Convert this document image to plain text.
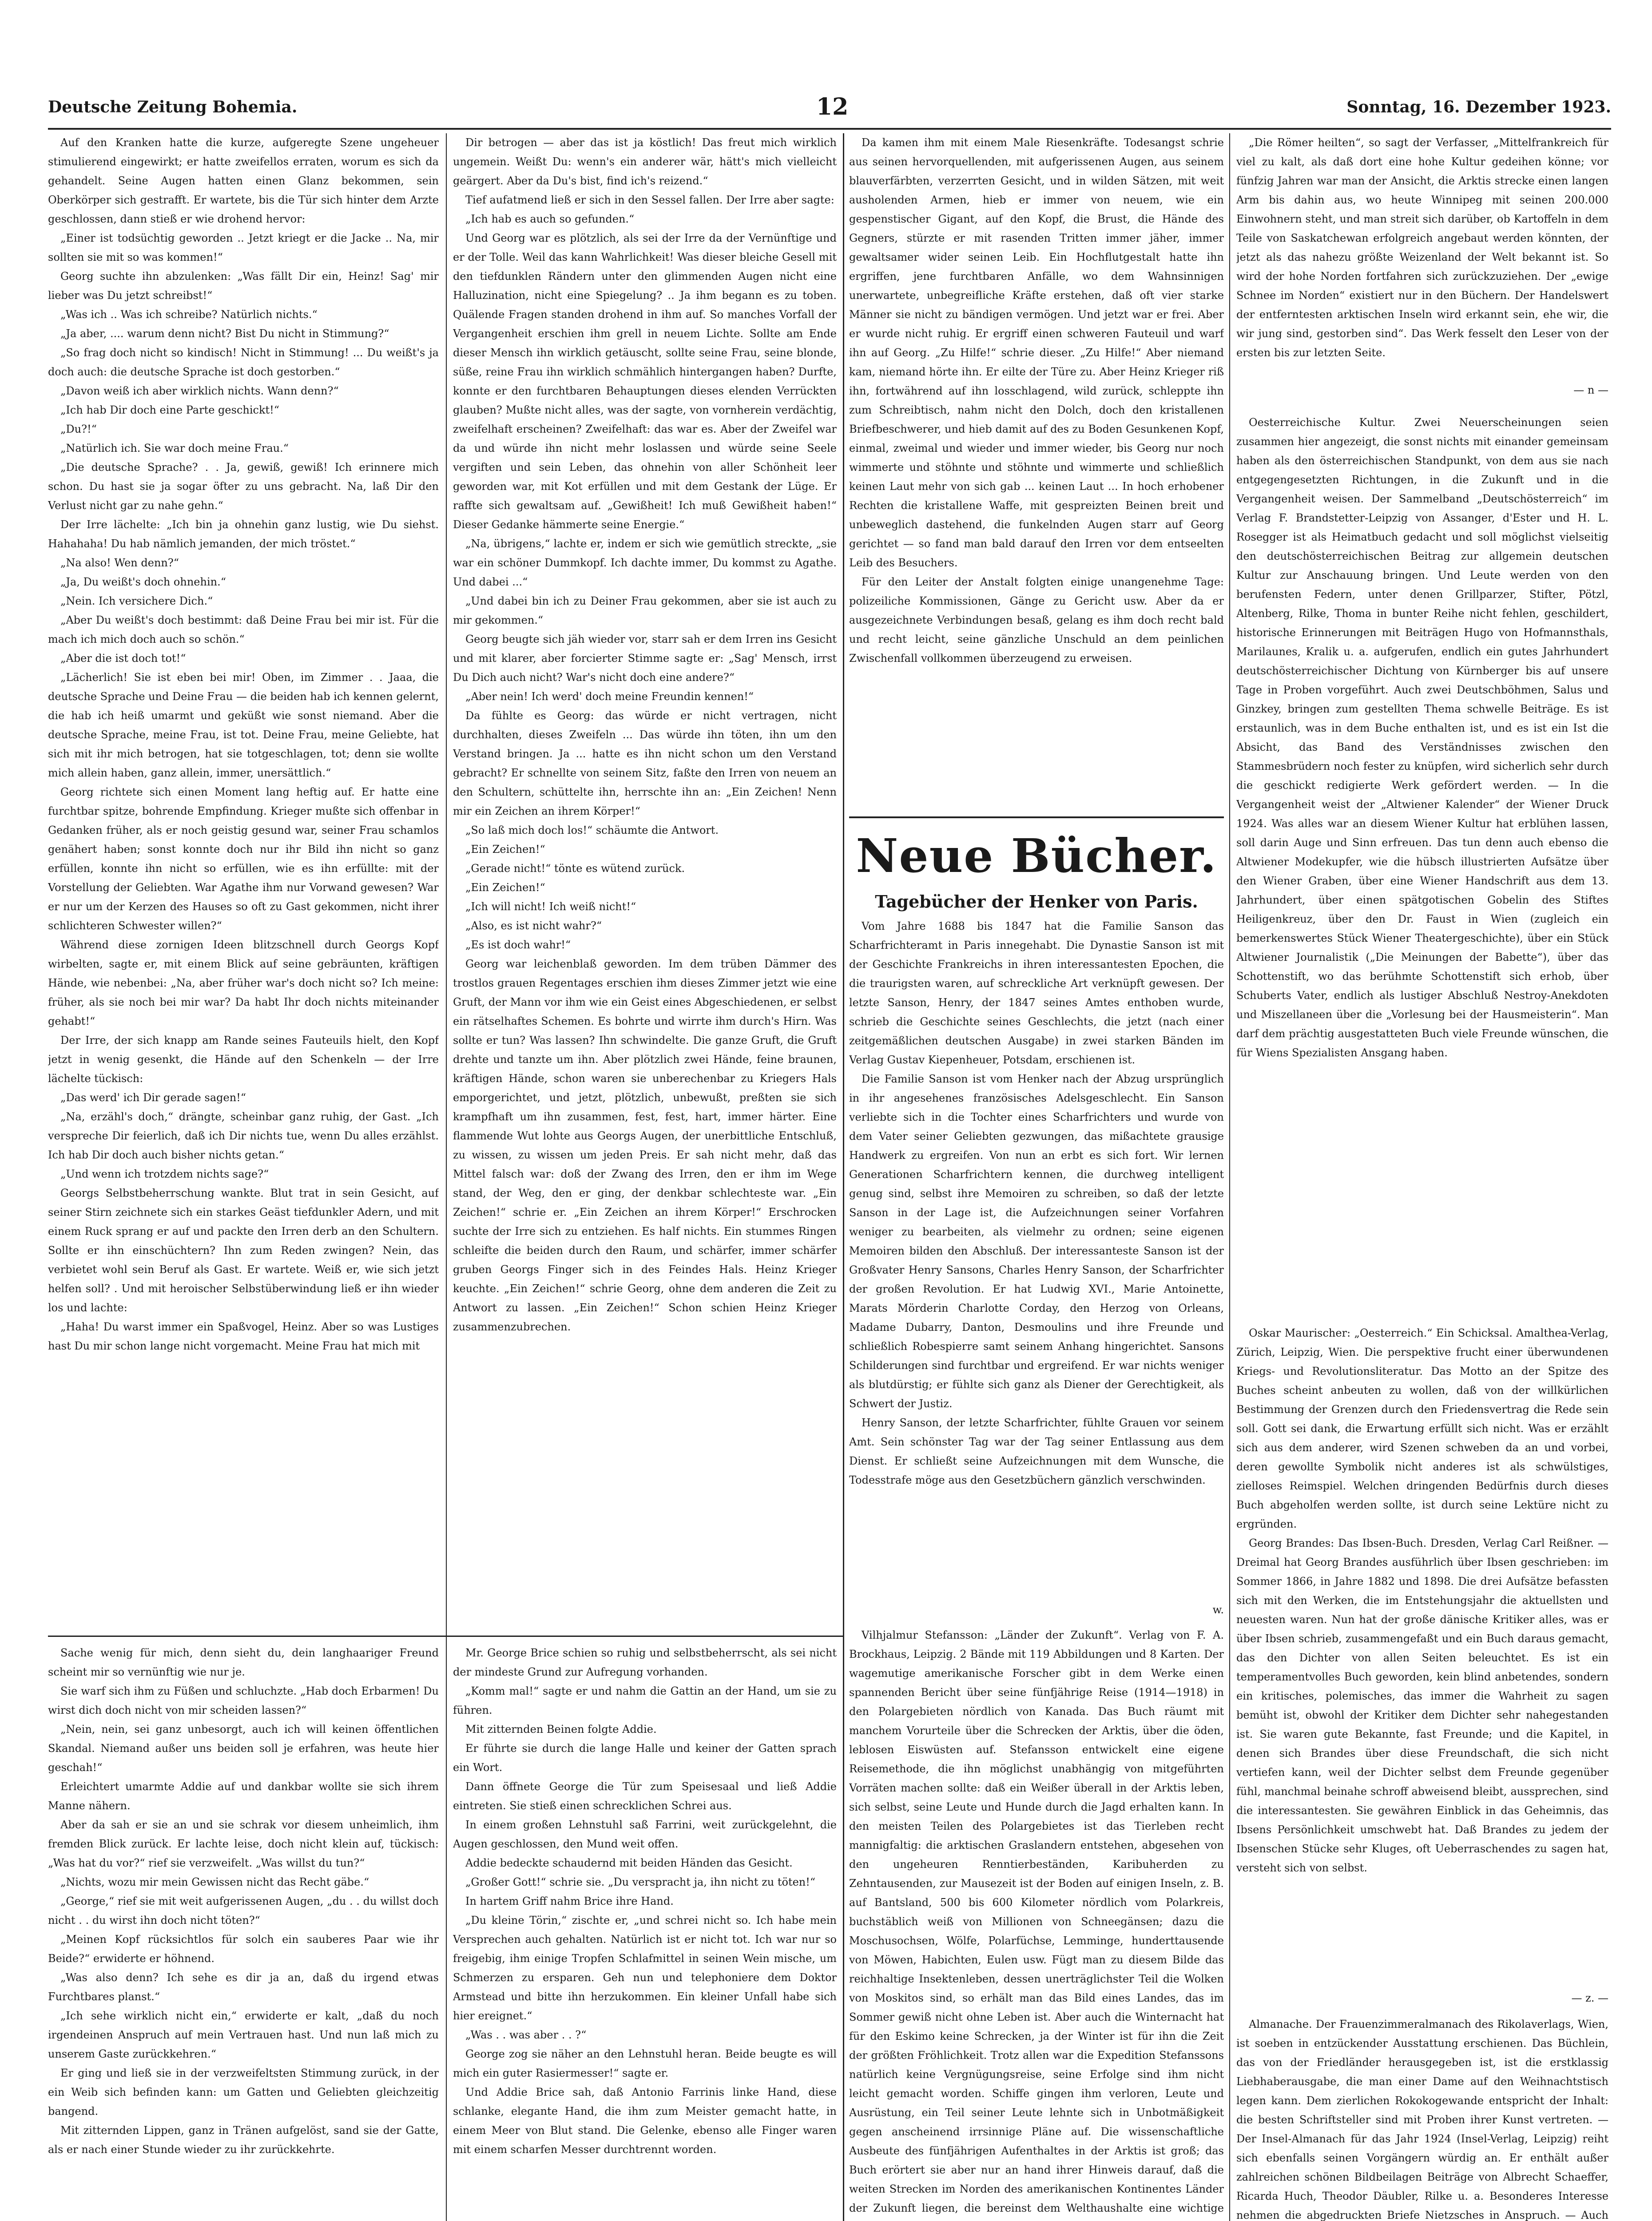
Deutsche Zeitung Bohemia.	12	Sonntag, 16. Dezember 1923.

Auf den Kranken hatte die kurze, aufgeregte Szene ungeheuer stimulierend eingewirkt; er hatte zweifellos erraten, worum es sich da gehandelt. Seine Augen hatten einen Glanz bekommen, sein Oberkörper sich gestrafft. Er wartete, bis die Tür sich hinter dem Arzte geschlossen, dann stieß er wie drohend hervor:

„Einer ist todsüchtig geworden .. Jetzt kriegt er die Jacke .. Na, mir sollten sie mit so was kommen!“

Georg suchte ihn abzulenken: „Was fällt Dir ein, Heinz! Sag' mir lieber was Du jetzt schreibst!“

„Was ich .. Was ich schreibe? Natürlich nichts.“

„Ja aber, .... warum denn nicht? Bist Du nicht in Stimmung?“

„So frag doch nicht so kindisch! Nicht in Stimmung! ... Du weißt's ja doch auch: die deutsche Sprache ist doch gestorben.“

„Davon weiß ich aber wirklich nichts. Wann denn?“

„Ich hab Dir doch eine Parte geschickt!“

„Du?!“

„Natürlich ich. Sie war doch meine Frau.“

„Die deutsche Sprache? . . Ja, gewiß, gewiß! Ich erinnere mich schon. Du hast sie ja sogar öfter zu uns gebracht. Na, laß Dir den Verlust nicht gar zu nahe gehn.“

Der Irre lächelte: „Ich bin ja ohnehin ganz lustig, wie Du siehst. Hahahaha! Du hab nämlich jemanden, der mich tröstet.“

„Na also! Wen denn?“

„Ja, Du weißt's doch ohnehin.“

„Nein. Ich versichere Dich.“

„Aber Du weißt's doch bestimmt: daß Deine Frau bei mir ist. Für die mach ich mich doch auch so schön.“

„Aber die ist doch tot!“

„Lächerlich! Sie ist eben bei mir! Oben, im Zimmer . . Jaaa, die deutsche Sprache und Deine Frau — die beiden hab ich kennen gelernt, die hab ich heiß umarmt und geküßt wie sonst niemand. Aber die deutsche Sprache, meine Frau, ist tot. Deine Frau, meine Geliebte, hat sich mit ihr mich betrogen, hat sie totgeschlagen, tot; denn sie wollte mich allein haben, ganz allein, immer, unersättlich.“

Georg richtete sich einen Moment lang heftig auf. Er hatte eine furchtbar spitze, bohrende Empfindung. Krieger mußte sich offenbar in Gedanken früher, als er noch geistig gesund war, seiner Frau schamlos genähert haben; sonst konnte doch nur ihr Bild ihn nicht so ganz erfüllen, konnte ihn nicht so erfüllen, wie es ihn erfüllte: mit der Vorstellung der Geliebten. War Agathe ihm nur Vorwand gewesen? War er nur um der Kerzen des Hauses so oft zu Gast gekommen, nicht ihrer schlichteren Schwester willen?“

Während diese zornigen Ideen blitzschnell durch Georgs Kopf wirbelten, sagte er, mit einem Blick auf seine gebräunten, kräftigen Hände, wie nebenbei: „Na, aber früher war's doch nicht so? Ich meine: früher, als sie noch bei mir war? Da habt Ihr doch nichts miteinander gehabt!“

Der Irre, der sich knapp am Rande seines Fauteuils hielt, den Kopf jetzt in wenig gesenkt, die Hände auf den Schenkeln — der Irre lächelte tückisch:

„Das werd' ich Dir gerade sagen!“

„Na, erzähl's doch,“ drängte, scheinbar ganz ruhig, der Gast. „Ich verspreche Dir feierlich, daß ich Dir nichts tue, wenn Du alles erzählst. Ich hab Dir doch auch bisher nichts getan.“

„Und wenn ich trotzdem nichts sage?“

Georgs Selbstbeherrschung wankte. Blut trat in sein Gesicht, auf seiner Stirn zeichnete sich ein starkes Geäst tiefdunkler Adern, und mit einem Ruck sprang er auf und packte den Irren derb an den Schultern. Sollte er ihn einschüchtern? Ihn zum Reden zwingen? Nein, das verbietet wohl sein Beruf als Gast. Er wartete. Weiß er, wie sich jetzt helfen soll? . Und mit heroischer Selbstüberwindung ließ er ihn wieder los und lachte:

„Haha! Du warst immer ein Spaßvogel, Heinz. Aber so was Lustiges hast Du mir schon lange nicht vorgemacht. Meine Frau hat mich mit

Dir betrogen — aber das ist ja köstlich! Das freut mich wirklich ungemein. Weißt Du: wenn's ein anderer wär, hätt's mich vielleicht geärgert. Aber da Du's bist, find ich's reizend.“

Tief aufatmend ließ er sich in den Sessel fallen. Der Irre aber sagte:

„Ich hab es auch so gefunden.“

Und Georg war es plötzlich, als sei der Irre da der Vernünftige und er der Tolle. Weil das kann Wahrlichkeit! Was dieser bleiche Gesell mit den tiefdunklen Rändern unter den glimmenden Augen nicht eine Halluzination, nicht eine Spiegelung? .. Ja ihm begann es zu toben. Quälende Fragen standen drohend in ihm auf. So manches Vorfall der Vergangenheit erschien ihm grell in neuem Lichte. Sollte am Ende dieser Mensch ihn wirklich getäuscht, sollte seine Frau, seine blonde, süße, reine Frau ihn wirklich schmählich hintergangen haben? Durfte, konnte er den furchtbaren Behauptungen dieses elenden Verrückten glauben? Mußte nicht alles, was der sagte, von vornherein verdächtig, zweifelhaft erscheinen? Zweifelhaft: das war es. Aber der Zweifel war da und würde ihn nicht mehr loslassen und würde seine Seele vergiften und sein Leben, das ohnehin von aller Schönheit leer geworden war, mit Kot erfüllen und mit dem Gestank der Lüge. Er raffte sich gewaltsam auf. „Gewißheit! Ich muß Gewißheit haben!“ Dieser Gedanke hämmerte seine Energie.“

„Na, übrigens,“ lachte er, indem er sich wie gemütlich streckte, „sie war ein schöner Dummkopf. Ich dachte immer, Du kommst zu Agathe. Und dabei ...“

„Und dabei bin ich zu Deiner Frau gekommen, aber sie ist auch zu mir gekommen.“

Georg beugte sich jäh wieder vor, starr sah er dem Irren ins Gesicht und mit klarer, aber forcierter Stimme sagte er: „Sag' Mensch, irrst Du Dich auch nicht? War's nicht doch eine andere?“

„Aber nein! Ich werd' doch meine Freundin kennen!“

Da fühlte es Georg: das würde er nicht vertragen, nicht durchhalten, dieses Zweifeln ... Das würde ihn töten, ihn um den Verstand bringen. Ja ... hatte es ihn nicht schon um den Verstand gebracht? Er schnellte von seinem Sitz, faßte den Irren von neuem an den Schultern, schüttelte ihn, herrschte ihn an: „Ein Zeichen! Nenn mir ein Zeichen an ihrem Körper!“

„So laß mich doch los!“ schäumte die Antwort.

„Ein Zeichen!“

„Gerade nicht!“ tönte es wütend zurück.

„Ein Zeichen!“

„Ich will nicht! Ich weiß nicht!“

„Also, es ist nicht wahr?“

„Es ist doch wahr!“

Georg war leichenblaß geworden. Im dem trüben Dämmer des trostlos grauen Regentages erschien ihm dieses Zimmer jetzt wie eine Gruft, der Mann vor ihm wie ein Geist eines Abgeschiedenen, er selbst ein rätselhaftes Schemen. Es bohrte und wirrte ihm durch's Hirn. Was sollte er tun? Was lassen? Ihn schwindelte. Die ganze Gruft, die Gruft drehte und tanzte um ihn. Aber plötzlich zwei Hände, feine braunen, kräftigen Hände, schon waren sie unberechenbar zu Kriegers Hals emporgerichtet, und jetzt, plötzlich, unbewußt, preßten sie sich krampfhaft um ihn zusammen, fest, fest, hart, immer härter. Eine flammende Wut lohte aus Georgs Augen, der unerbittliche Entschluß, zu wissen, zu wissen um jeden Preis. Er sah nicht mehr, daß das Mittel falsch war: doß der Zwang des Irren, den er ihm im Wege stand, der Weg, den er ging, der denkbar schlechteste war. „Ein Zeichen!“ schrie er. „Ein Zeichen an ihrem Körper!“ Erschrocken suchte der Irre sich zu entziehen. Es half nichts. Ein stummes Ringen schleifte die beiden durch den Raum, und schärfer, immer schärfer gruben Georgs Finger sich in des Feindes Hals. Heinz Krieger keuchte. „Ein Zeichen!“ schrie Georg, ohne dem anderen die Zeit zu Antwort zu lassen. „Ein Zeichen!“ Schon schien Heinz Krieger zusammenzubrechen.

Da kamen ihm mit einem Male Riesenkräfte. Todesangst schrie aus seinen hervorquellenden, mit aufgerissenen Augen, aus seinem blauverfärbten, verzerrten Gesicht, und in wilden Sätzen, mit weit ausholenden Armen, hieb er immer von neuem, wie ein gespenstischer Gigant, auf den Kopf, die Brust, die Hände des Gegners, stürzte er mit rasenden Tritten immer jäher, immer gewaltsamer wider seinen Leib. Ein Hochflutgestalt hatte ihn ergriffen, jene furchtbaren Anfälle, wo dem Wahnsinnigen unerwartete, unbegreifliche Kräfte erstehen, daß oft vier starke Männer sie nicht zu bändigen vermögen. Und jetzt war er frei. Aber er wurde nicht ruhig. Er ergriff einen schweren Fauteuil und warf ihn auf Georg. „Zu Hilfe!“ schrie dieser. „Zu Hilfe!“ Aber niemand kam, niemand hörte ihn. Er eilte der Türe zu. Aber Heinz Krieger riß ihn, fortwährend auf ihn losschlagend, wild zurück, schleppte ihn zum Schreibtisch, nahm nicht den Dolch, doch den kristallenen Briefbeschwerer, und hieb damit auf des zu Boden Gesunkenen Kopf, einmal, zweimal und wieder und immer wieder, bis Georg nur noch wimmerte und stöhnte und stöhnte und wimmerte und schließlich keinen Laut mehr von sich gab ... keinen Laut ... In hoch erhobener Rechten die kristallene Waffe, mit gespreizten Beinen breit und unbeweglich dastehend, die funkelnden Augen starr auf Georg gerichtet — so fand man bald darauf den Irren vor dem entseelten Leib des Besuchers.

Für den Leiter der Anstalt folgten einige unangenehme Tage: polizeiliche Kommissionen, Gänge zu Gericht usw. Aber da er ausgezeichnete Verbindungen besaß, gelang es ihm doch recht bald und recht leicht, seine gänzliche Unschuld an dem peinlichen Zwischenfall vollkommen überzeugend zu erweisen.

Neue Bücher.
Tagebücher der Henker von Paris.

Vom Jahre 1688 bis 1847 hat die Familie Sanson das Scharfrichteramt in Paris innegehabt. Die Dynastie Sanson ist mit der Geschichte Frankreichs in ihren interessantesten Epochen, die die traurigsten waren, auf schreckliche Art verknüpft gewesen. Der letzte Sanson, Henry, der 1847 seines Amtes enthoben wurde, schrieb die Geschichte seines Geschlechts, die jetzt (nach einer zeitgemäßlichen deutschen Ausgabe) in zwei starken Bänden im Verlag Gustav Kiepenheuer, Potsdam, erschienen ist.

Die Familie Sanson ist vom Henker nach der Abzug ursprünglich in ihr angesehenes französisches Adelsgeschlecht. Ein Sanson verliebte sich in die Tochter eines Scharfrichters und wurde von dem Vater seiner Geliebten gezwungen, das mißachtete grausige Handwerk zu ergreifen. Von nun an erbt es sich fort. Wir lernen Generationen Scharfrichtern kennen, die durchweg intelligent genug sind, selbst ihre Memoiren zu schreiben, so daß der letzte Sanson in der Lage ist, die Aufzeichnungen seiner Vorfahren weniger zu bearbeiten, als vielmehr zu ordnen; seine eigenen Memoiren bilden den Abschluß. Der interessanteste Sanson ist der Großvater Henry Sansons, Charles Henry Sanson, der Scharfrichter der großen Revolution. Er hat Ludwig XVI., Marie Antoinette, Marats Mörderin Charlotte Corday, den Herzog von Orleans, Madame Dubarry, Danton, Desmoulins und ihre Freunde und schließlich Robespierre samt seinem Anhang hingerichtet. Sansons Schilderungen sind furchtbar und ergreifend. Er war nichts weniger als blutdürstig; er fühlte sich ganz als Diener der Gerechtigkeit, als Schwert der Justiz.

Henry Sanson, der letzte Scharfrichter, fühlte Grauen vor seinem Amt. Sein schönster Tag war der Tag seiner Entlassung aus dem Dienst. Er schließt seine Aufzeichnungen mit dem Wunsche, die Todesstrafe möge aus den Gesetzbüchern gänzlich verschwinden.

w.

Vilhjalmur Stefansson: „Länder der Zukunft“. Verlag von F. A. Brockhaus, Leipzig. 2 Bände mit 119 Abbildungen und 8 Karten. Der wagemutige amerikanische Forscher gibt in dem Werke einen spannenden Bericht über seine fünfjährige Reise (1914—1918) in den Polargebieten nördlich von Kanada. Das Buch räumt mit manchem Vorurteile über die Schrecken der Arktis, über die öden, leblosen Eiswüsten auf. Stefansson entwickelt eine eigene Reisemethode, die ihn möglichst unabhängig von mitgeführten Vorräten machen sollte: daß ein Weißer überall in der Arktis leben, sich selbst, seine Leute und Hunde durch die Jagd erhalten kann. In den meisten Teilen des Polargebietes ist das Tierleben recht mannigfaltig: die arktischen Graslandern entstehen, abgesehen von den ungeheuren Renntierbeständen, Karibuherden zu Zehntausenden, zur Mausezeit ist der Boden auf einigen Inseln, z. B. auf Bantsland, 500 bis 600 Kilometer nördlich vom Polarkreis, buchstäblich weiß von Millionen von Schneegänsen; dazu die Moschusochsen, Wölfe, Polarfüchse, Lemminge, hunderttausende von Möwen, Habichten, Eulen usw. Fügt man zu diesem Bilde das reichhaltige Insektenleben, dessen unerträglichster Teil die Wolken von Moskitos sind, so erhält man das Bild eines Landes, das im Sommer gewiß nicht ohne Leben ist. Aber auch die Winternacht hat für den Eskimo keine Schrecken, ja der Winter ist für ihn die Zeit der größten Fröhlichkeit. Trotz allen war die Expedition Stefanssons natürlich keine Vergnügungsreise, seine Erfolge sind ihm nicht leicht gemacht worden. Schiffe gingen ihm verloren, Leute und Ausrüstung, ein Teil seiner Leute lehnte sich in Unbotmäßigkeit gegen anscheinend irrsinnige Pläne auf. Die wissenschaftliche Ausbeute des fünfjährigen Aufenthaltes in der Arktis ist groß; das Buch erörtert sie aber nur an hand ihrer Hinweis darauf, daß die weiten Strecken im Norden des amerikanischen Kontinentes Länder der Zukunft liegen, die bereinst dem Welthaushalte eine wichtige

„Die Römer heilten“, so sagt der Verfasser, „Mittelfrankreich für viel zu kalt, als daß dort eine hohe Kultur gedeihen könne; vor fünfzig Jahren war man der Ansicht, die Arktis strecke einen langen Arm bis dahin aus, wo heute Winnipeg mit seinen 200.000 Einwohnern steht, und man streit sich darüber, ob Kartoffeln in dem Teile von Saskatchewan erfolgreich angebaut werden könnten, der jetzt als das nahezu größte Weizenland der Welt bekannt ist. So wird der hohe Norden fortfahren sich zurückzuziehen. Der „ewige Schnee im Norden“ existiert nur in den Büchern. Der Handelswert der entferntesten arktischen Inseln wird erkannt sein, ehe wir, die wir jung sind, gestorben sind“. Das Werk fesselt den Leser von der ersten bis zur letzten Seite.

— n —

Oesterreichische Kultur. Zwei Neuerscheinungen seien zusammen hier angezeigt, die sonst nichts mit einander gemeinsam haben als den österreichischen Standpunkt, von dem aus sie nach entgegengesetzten Richtungen, in die Zukunft und in die Vergangenheit weisen. Der Sammelband „Deutschösterreich“ im Verlag F. Brandstetter-Leipzig von Assanger, d'Ester und H. L. Rosegger ist als Heimatbuch gedacht und soll möglichst vielseitig den deutschösterreichischen Beitrag zur allgemein deutschen Kultur zur Anschauung bringen. Und Leute werden von den berufensten Federn, unter denen Grillparzer, Stifter, Pötzl, Altenberg, Rilke, Thoma in bunter Reihe nicht fehlen, geschildert, historische Erinnerungen mit Beiträgen Hugo von Hofmannsthals, Marilaunes, Kralik u. a. aufgerufen, endlich ein gutes Jahrhundert deutschösterreichischer Dichtung von Kürnberger bis auf unsere Tage in Proben vorgeführt. Auch zwei Deutschböhmen, Salus und Ginzkey, bringen zum gestellten Thema schwelle Beiträge. Es ist erstaunlich, was in dem Buche enthalten ist, und es ist ein Ist die Absicht, das Band des Verständnisses zwischen den Stammesbrüdern noch fester zu knüpfen, wird sicherlich sehr durch die geschickt redigierte Werk gefördert werden. — In die Vergangenheit weist der „Altwiener Kalender“ der Wiener Druck 1924. Was alles war an diesem Wiener Kultur hat erblühen lassen, soll darin Auge und Sinn erfreuen. Das tun denn auch ebenso die Altwiener Modekupfer, wie die hübsch illustrierten Aufsätze über den Wiener Graben, über eine Wiener Handschrift aus dem 13. Jahrhundert, über einen spätgotischen Gobelin des Stiftes Heiligenkreuz, über den Dr. Faust in Wien (zugleich ein bemerkenswertes Stück Wiener Theatergeschichte), über ein Stück Altwiener Journalistik („Die Meinungen der Babette“), über das Schottenstift, wo das berühmte Schottenstift sich erhob, über Schuberts Vater, endlich als lustiger Abschluß Nestroy-Anekdoten und Miszellaneen über die „Vorlesung bei der Hausmeisterin“. Man darf dem prächtig ausgestatteten Buch viele Freunde wünschen, die für Wiens Spezialisten Ansgang haben.

Oskar Maurischer: „Oesterreich.“ Ein Schicksal. Amalthea-Verlag, Zürich, Leipzig, Wien. Die perspektive frucht einer überwundenen Kriegs- und Revolutionsliteratur. Das Motto an der Spitze des Buches scheint anbeuten zu wollen, daß von der willkürlichen Bestimmung der Grenzen durch den Friedensvertrag die Rede sein soll. Gott sei dank, die Erwartung erfüllt sich nicht. Was er erzählt sich aus dem anderer, wird Szenen schweben da an und vorbei, deren gewollte Symbolik nicht anderes ist als schwülstiges, zielloses Reimspiel. Welchen dringenden Bedürfnis durch dieses Buch abgeholfen werden sollte, ist durch seine Lektüre nicht zu ergründen.

Georg Brandes: Das Ibsen-Buch. Dresden, Verlag Carl Reißner. — Dreimal hat Georg Brandes ausführlich über Ibsen geschrieben: im Sommer 1866, in Jahre 1882 und 1898. Die drei Aufsätze befassten sich mit den Werken, die im Entstehungsjahr die aktuellsten und neuesten waren. Nun hat der große dänische Kritiker alles, was er über Ibsen schrieb, zusammengefaßt und ein Buch daraus gemacht, das den Dichter von allen Seiten beleuchtet. Es ist ein temperamentvolles Buch geworden, kein blind anbetendes, sondern ein kritisches, polemisches, das immer die Wahrheit zu sagen bemüht ist, obwohl der Kritiker dem Dichter sehr nahegestanden ist. Sie waren gute Bekannte, fast Freunde; und die Kapitel, in denen sich Brandes über diese Freundschaft, die sich nicht vertiefen kann, weil der Dichter selbst dem Freunde gegenüber fühl, manchmal beinahe schroff abweisend bleibt, aussprechen, sind die interessantesten. Sie gewähren Einblick in das Geheimnis, das Ibsens Persönlichkeit umschwebt hat. Daß Brandes zu jedem der Ibsenschen Stücke sehr Kluges, oft Ueberraschendes zu sagen hat, versteht sich von selbst.

— z. —

Almanache. Der Frauenzimmeralmanach des Rikolaverlags, Wien, ist soeben in entzückender Ausstattung erschienen. Das Büchlein, das von der Friedländer herausgegeben ist, ist die erstklassig Liebhaberausgabe, die man einer Dame auf den Weihnachtstisch legen kann. Dem zierlichen Rokokogewande entspricht der Inhalt: die besten Schriftsteller sind mit Proben ihrer Kunst vertreten. — Der Insel-Almanach für das Jahr 1924 (Insel-Verlag, Leipzig) reiht sich ebenfalls seinen Vorgängern würdig an. Er enthält außer zahlreichen schönen Bildbeilagen Beiträge von Albrecht Schaeffer, Ricarda Huch, Theodor Däubler, Rilke u. a. Besonderes Interesse nehmen die abgedruckten Briefe Nietzsches in Anspruch. — Auch

Sache wenig für mich, denn sieht du, dein langhaariger Freund scheint mir so vernünftig wie nur je.

Sie warf sich ihm zu Füßen und schluchzte. „Hab doch Erbarmen! Du wirst dich doch nicht von mir scheiden lassen?“

„Nein, nein, sei ganz unbesorgt, auch ich will keinen öffentlichen Skandal. Niemand außer uns beiden soll je erfahren, was heute hier geschah!“

Erleichtert umarmte Addie auf und dankbar wollte sie sich ihrem Manne nähern.

Aber da sah er sie an und sie schrak vor diesem unheimlich, ihm fremden Blick zurück. Er lachte leise, doch nicht klein auf, tückisch: „Was hat du vor?“ rief sie verzweifelt. „Was willst du tun?“

„Nichts, wozu mir mein Gewissen nicht das Recht gäbe.“

„George,“ rief sie mit weit aufgerissenen Augen, „du . . du willst doch nicht . . du wirst ihn doch nicht töten?“

„Meinen Kopf rücksichtlos für solch ein sauberes Paar wie ihr Beide?“ erwiderte er höhnend.

„Was also denn? Ich sehe es dir ja an, daß du irgend etwas Furchtbares planst.“

„Ich sehe wirklich nicht ein,“ erwiderte er kalt, „daß du noch irgendeinen Anspruch auf mein Vertrauen hast. Und nun laß mich zu unserem Gaste zurückkehren.“

Er ging und ließ sie in der verzweifeltsten Stimmung zurück, in der ein Weib sich befinden kann: um Gatten und Geliebten gleichzeitig bangend.

Mit zitternden Lippen, ganz in Tränen aufgelöst, sand sie der Gatte, als er nach einer Stunde wieder zu ihr zurückkehrte.

Mr. George Brice schien so ruhig und selbstbeherrscht, als sei nicht der mindeste Grund zur Aufregung vorhanden.

„Komm mal!“ sagte er und nahm die Gattin an der Hand, um sie zu führen.

Mit zitternden Beinen folgte Addie.

Er führte sie durch die lange Halle und keiner der Gatten sprach ein Wort.

Dann öffnete George die Tür zum Speisesaal und ließ Addie eintreten. Sie stieß einen schrecklichen Schrei aus.

In einem großen Lehnstuhl saß Farrini, weit zurückgelehnt, die Augen geschlossen, den Mund weit offen.

Addie bedeckte schaudernd mit beiden Händen das Gesicht.

„Großer Gott!“ schrie sie. „Du verspracht ja, ihn nicht zu töten!“

In hartem Griff nahm Brice ihre Hand.

„Du kleine Törin,“ zischte er, „und schrei nicht so. Ich habe mein Versprechen auch gehalten. Natürlich ist er nicht tot. Ich war nur so freigebig, ihm einige Tropfen Schlafmittel in seinen Wein mische, um Schmerzen zu ersparen. Geh nun und telephoniere dem Doktor Armstead und bitte ihn herzukommen. Ein kleiner Unfall habe sich hier ereignet.“

„Was . . was aber . . ?“

George zog sie näher an den Lehnstuhl heran. Beide beugte es will mich ein guter Rasiermesser!“ sagte er.

Und Addie Brice sah, daß Antonio Farrinis linke Hand, diese schlanke, elegante Hand, die ihm zum Meister gemacht hatte, in einem Meer von Blut stand. Die Gelenke, ebenso alle Finger waren mit einem scharfen Messer durchtrennt worden.
